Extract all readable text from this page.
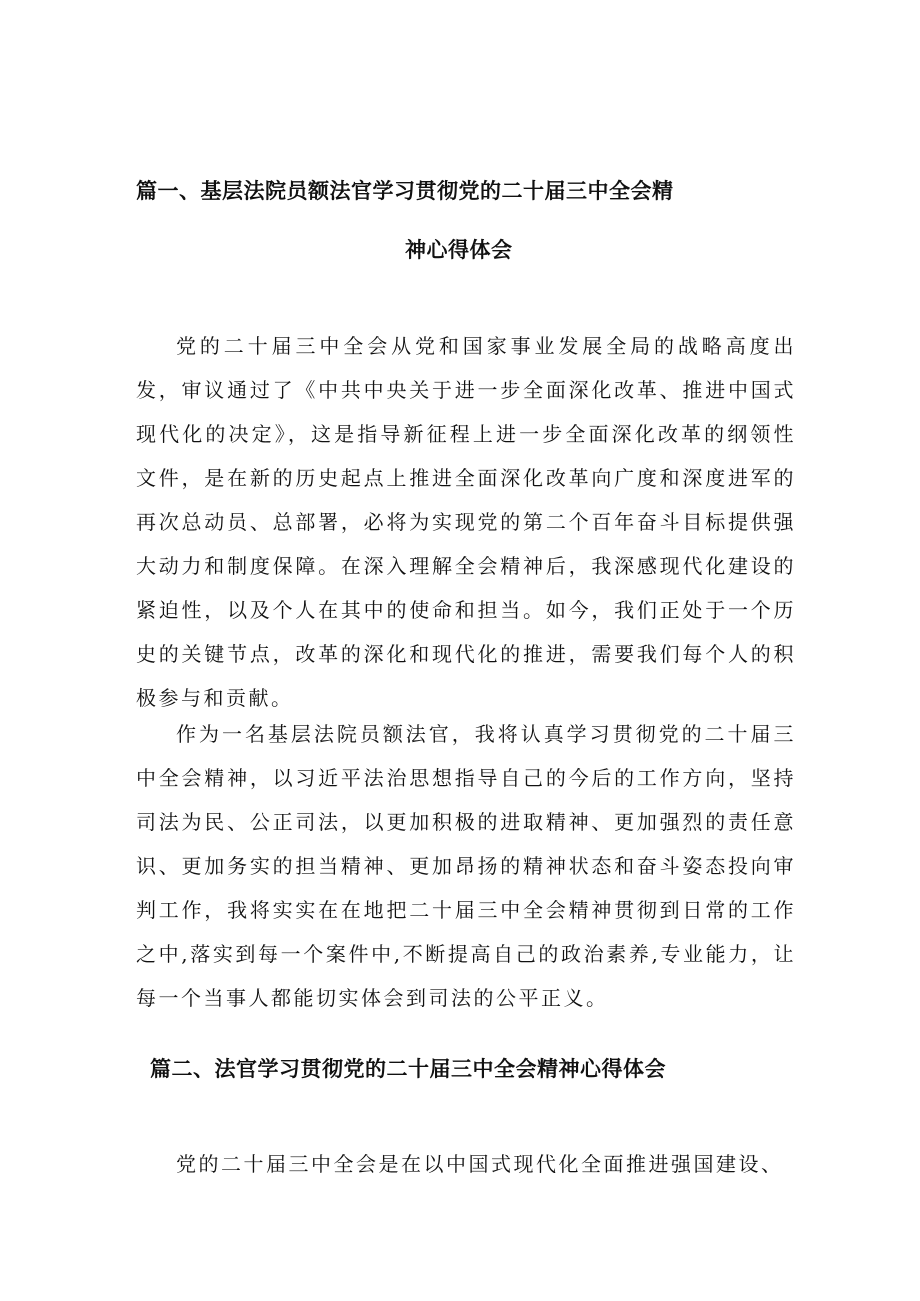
篇一、基层法院员额法官学习贯彻党的二十届三中全会精
神心得体会

党的二十届三中全会从党和国家事业发展全局的战略高度出发，审议通过了《中共中央关于进一步全面深化改革、推进中国式现代化的决定》，这是指导新征程上进一步全面深化改革的纲领性文件，是在新的历史起点上推进全面深化改革向广度和深度进军的再次总动员、总部署，必将为实现党的第二个百年奋斗目标提供强大动力和制度保障。在深入理解全会精神后，我深感现代化建设的紧迫性，以及个人在其中的使命和担当。如今，我们正处于一个历史的关键节点，改革的深化和现代化的推进，需要我们每个人的积极参与和贡献。

作为一名基层法院员额法官，我将认真学习贯彻党的二十届三中全会精神，以习近平法治思想指导自己的今后的工作方向，坚持司法为民、公正司法，以更加积极的进取精神、更加强烈的责任意识、更加务实的担当精神、更加昂扬的精神状态和奋斗姿态投向审判工作，我将实实在在地把二十届三中全会精神贯彻到日常的工作之中,落实到每一个案件中,不断提高自己的政治素养,专业能力，让每一个当事人都能切实体会到司法的公平正义。

篇二、法官学习贯彻党的二十届三中全会精神心得体会

党的二十届三中全会是在以中国式现代化全面推进强国建设、
